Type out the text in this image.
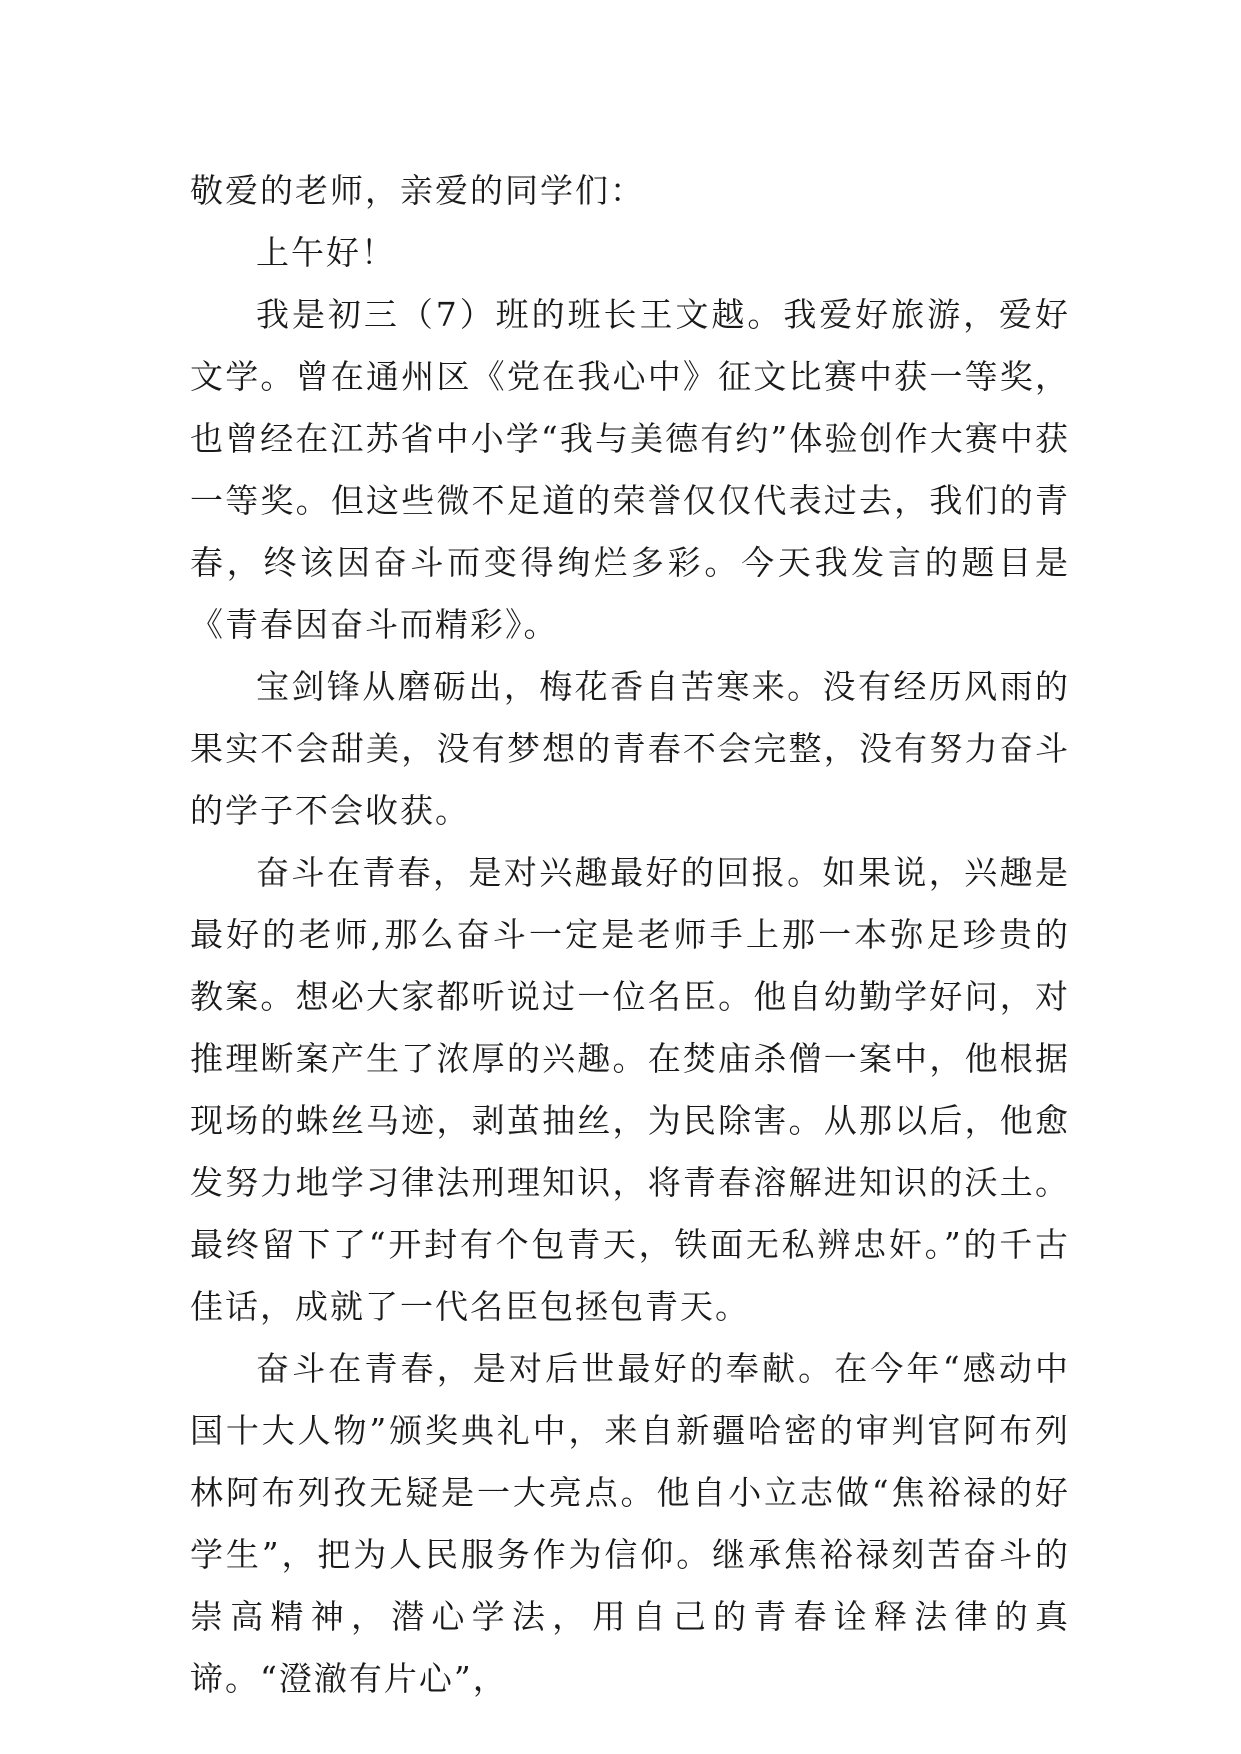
敬爱的老师，亲爱的同学们：

上午好！

我是初三（7）班的班长王文越。我爱好旅游，爱好文学。曾在通州区《党在我心中》征文比赛中获一等奖，也曾经在江苏省中小学“我与美德有约”体验创作大赛中获一等奖。但这些微不足道的荣誉仅仅代表过去，我们的青春，终该因奋斗而变得绚烂多彩。今天我发言的题目是《青春因奋斗而精彩》。

宝剑锋从磨砺出，梅花香自苦寒来。没有经历风雨的果实不会甜美，没有梦想的青春不会完整，没有努力奋斗的学子不会收获。

奋斗在青春，是对兴趣最好的回报。如果说，兴趣是最好的老师,那么奋斗一定是老师手上那一本弥足珍贵的教案。想必大家都听说过一位名臣。他自幼勤学好问，对推理断案产生了浓厚的兴趣。在焚庙杀僧一案中，他根据现场的蛛丝马迹，剥茧抽丝，为民除害。从那以后，他愈发努力地学习律法刑理知识，将青春溶解进知识的沃土。最终留下了“开封有个包青天，铁面无私辨忠奸。”的千古佳话，成就了一代名臣包拯包青天。

奋斗在青春，是对后世最好的奉献。在今年“感动中国十大人物”颁奖典礼中，来自新疆哈密的审判官阿布列林阿布列孜无疑是一大亮点。他自小立志做“焦裕禄的好学生”，把为人民服务作为信仰。继承焦裕禄刻苦奋斗的崇高精神，潜心学法，用自己的青春诠释法律的真谛。“澄澈有片心”，
